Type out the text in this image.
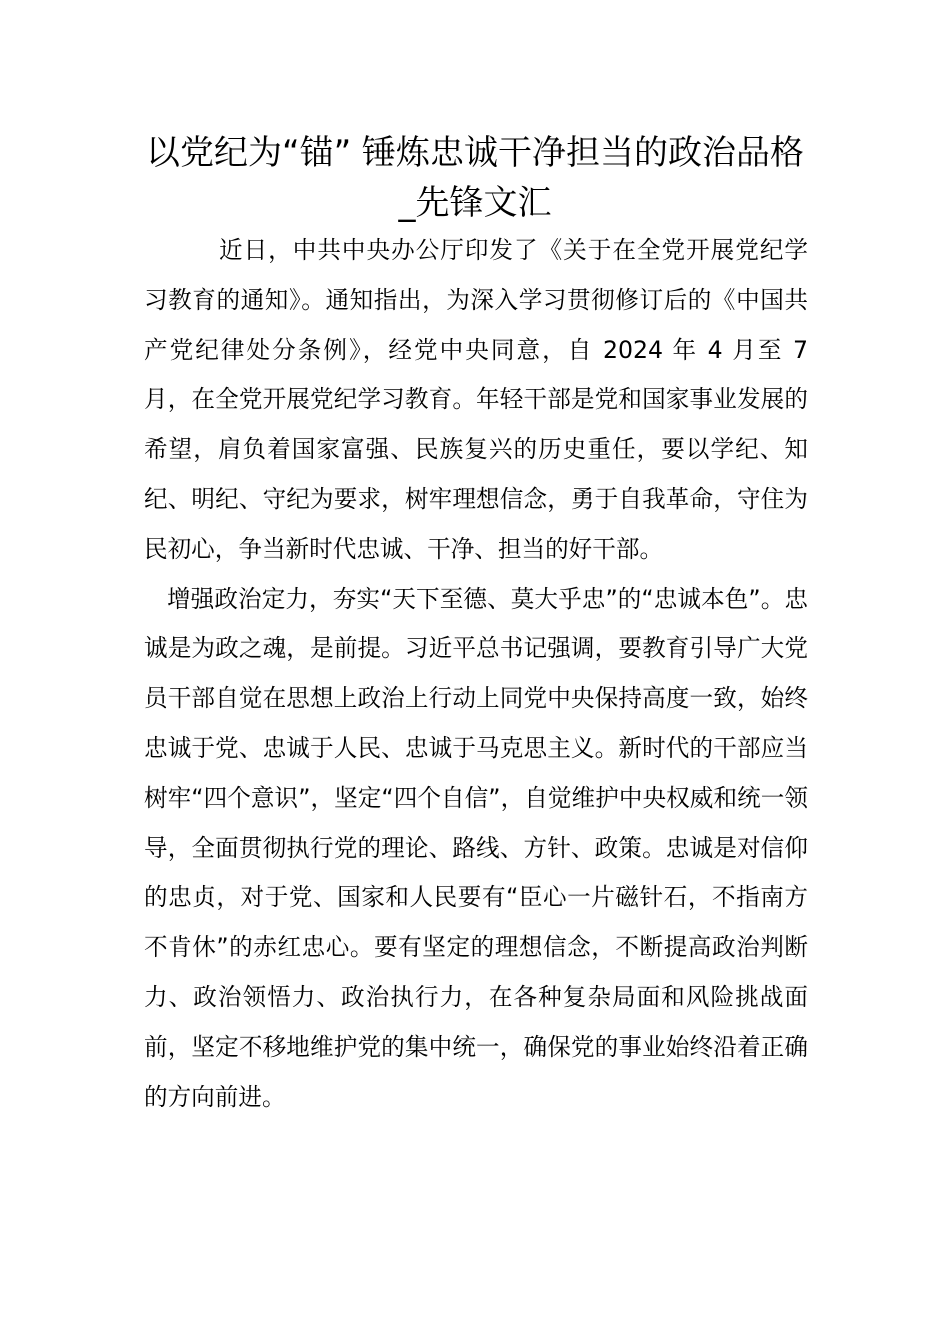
以党纪为“锚” 锤炼忠诚干净担当的政治品格_先锋文汇

近日，中共中央办公厅印发了《关于在全党开展党纪学习教育的通知》。通知指出，为深入学习贯彻修订后的《中国共产党纪律处分条例》，经党中央同意，自 2024 年 4 月至 7 月，在全党开展党纪学习教育。年轻干部是党和国家事业发展的希望，肩负着国家富强、民族复兴的历史重任，要以学纪、知纪、明纪、守纪为要求，树牢理想信念，勇于自我革命，守住为民初心，争当新时代忠诚、干净、担当的好干部。

增强政治定力，夯实“天下至德、莫大乎忠”的“忠诚本色”。忠诚是为政之魂，是前提。习近平总书记强调，要教育引导广大党员干部自觉在思想上政治上行动上同党中央保持高度一致，始终忠诚于党、忠诚于人民、忠诚于马克思主义。新时代的干部应当树牢“四个意识”，坚定“四个自信”，自觉维护中央权威和统一领导，全面贯彻执行党的理论、路线、方针、政策。忠诚是对信仰的忠贞，对于党、国家和人民要有“臣心一片磁针石，不指南方不肯休”的赤红忠心。要有坚定的理想信念，不断提高政治判断力、政治领悟力、政治执行力，在各种复杂局面和风险挑战面前，坚定不移地维护党的集中统一，确保党的事业始终沿着正确的方向前进。
